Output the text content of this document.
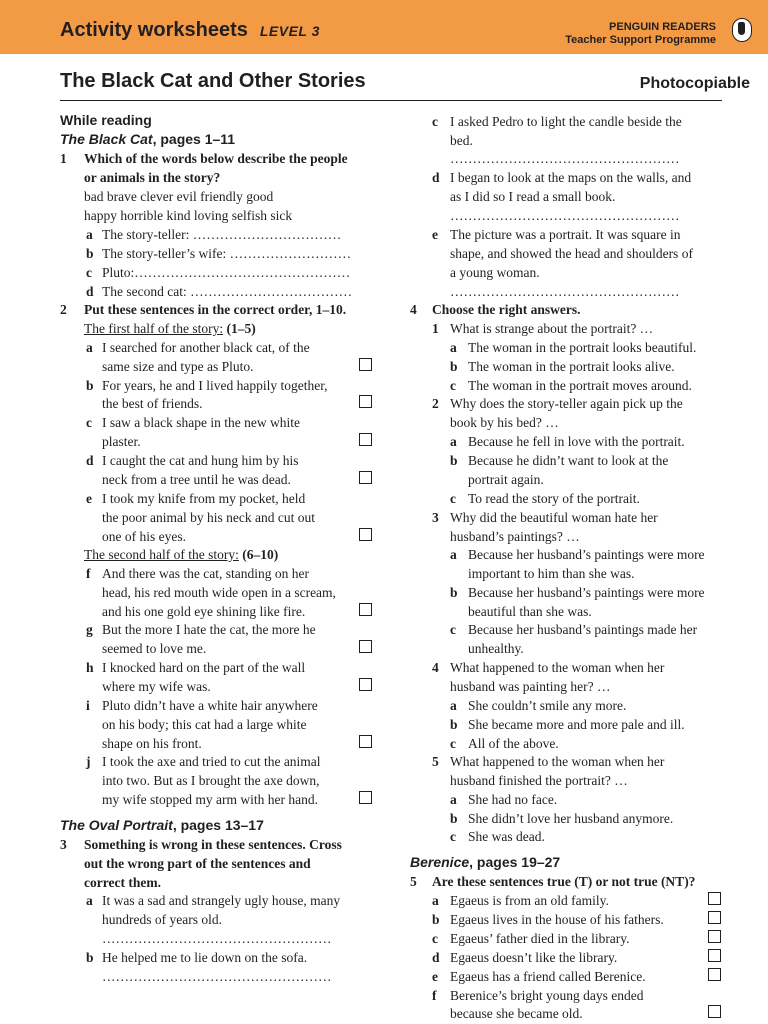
Activity worksheets LEVEL 3	PENGUIN READERS
Teacher Support Programme
The Black Cat and Other Stories	Photocopiable
The Black Cat, pages 1–11
The Oval Portrait, pages 13–17
Berenice, pages 19–27
The first half of the story: (1–5)
The second half of the story: (6–10)
While reading
1 Which of the words below describe the people
or animals in the story?
bad brave clever evil friendly good
happy horrible kind loving selfish sick
a The story-teller: ……………………………
b The story-teller’s wife: ………………………
c Pluto:…………………………………………
d The second cat: ………………………………
2 Put these sentences in the correct order, 1–10.
a I searched for another black cat, of the
same size and type as Pluto.
b For years, he and I lived happily together,
the best of friends.
c I saw a black shape in the new white
plaster.
d I caught the cat and hung him by his
neck from a tree until he was dead.
e I took my knife from my pocket, held
the poor animal by his neck and cut out
one of his eyes.
f And there was the cat, standing on her
head, his red mouth wide open in a scream,
and his one gold eye shining like fire.
g But the more I hate the cat, the more he
seemed to love me.
h I knocked hard on the part of the wall
where my wife was.
i Pluto didn’t have a white hair anywhere
on his body; this cat had a large white
shape on his front.
j I took the axe and tried to cut the animal
into two. But as I brought the axe down,
my wife stopped my arm with her hand.
3 Something is wrong in these sentences. Cross
out the wrong part of the sentences and
correct them.
a It was a sad and strangely ugly house, many
hundreds of years old.
……………………………………………
b He helped me to lie down on the sofa.
……………………………………………
c I asked Pedro to light the candle beside the
bed.
……………………………………………
d I began to look at the maps on the walls, and
as I did so I read a small book.
……………………………………………
e The picture was a portrait. It was square in
shape, and showed the head and shoulders of
a young woman.
……………………………………………
4 Choose the right answers.
1 What is strange about the portrait? …
a The woman in the portrait looks beautiful.
b The woman in the portrait looks alive.
c The woman in the portrait moves around.
2 Why does the story-teller again pick up the
book by his bed? …
a Because he fell in love with the portrait.
b Because he didn’t want to look at the
portrait again.
c To read the story of the portrait.
3 Why did the beautiful woman hate her
husband’s paintings? …
a Because her husband’s paintings were more
important to him than she was.
b Because her husband’s paintings were more
beautiful than she was.
c Because her husband’s paintings made her
unhealthy.
4 What happened to the woman when her
husband was painting her? …
a She couldn’t smile any more.
b She became more and more pale and ill.
c All of the above.
5 What happened to the woman when her
husband finished the portrait? …
a She had no face.
b She didn’t love her husband anymore.
c She was dead.
5 Are these sentences true (T) or not true (NT)?
a Egaeus is from an old family.
b Egaeus lives in the house of his fathers.
c Egaeus’ father died in the library.
d Egaeus doesn’t like the library.
e Egaeus has a friend called Berenice.
f Berenice’s bright young days ended
because she became old.
